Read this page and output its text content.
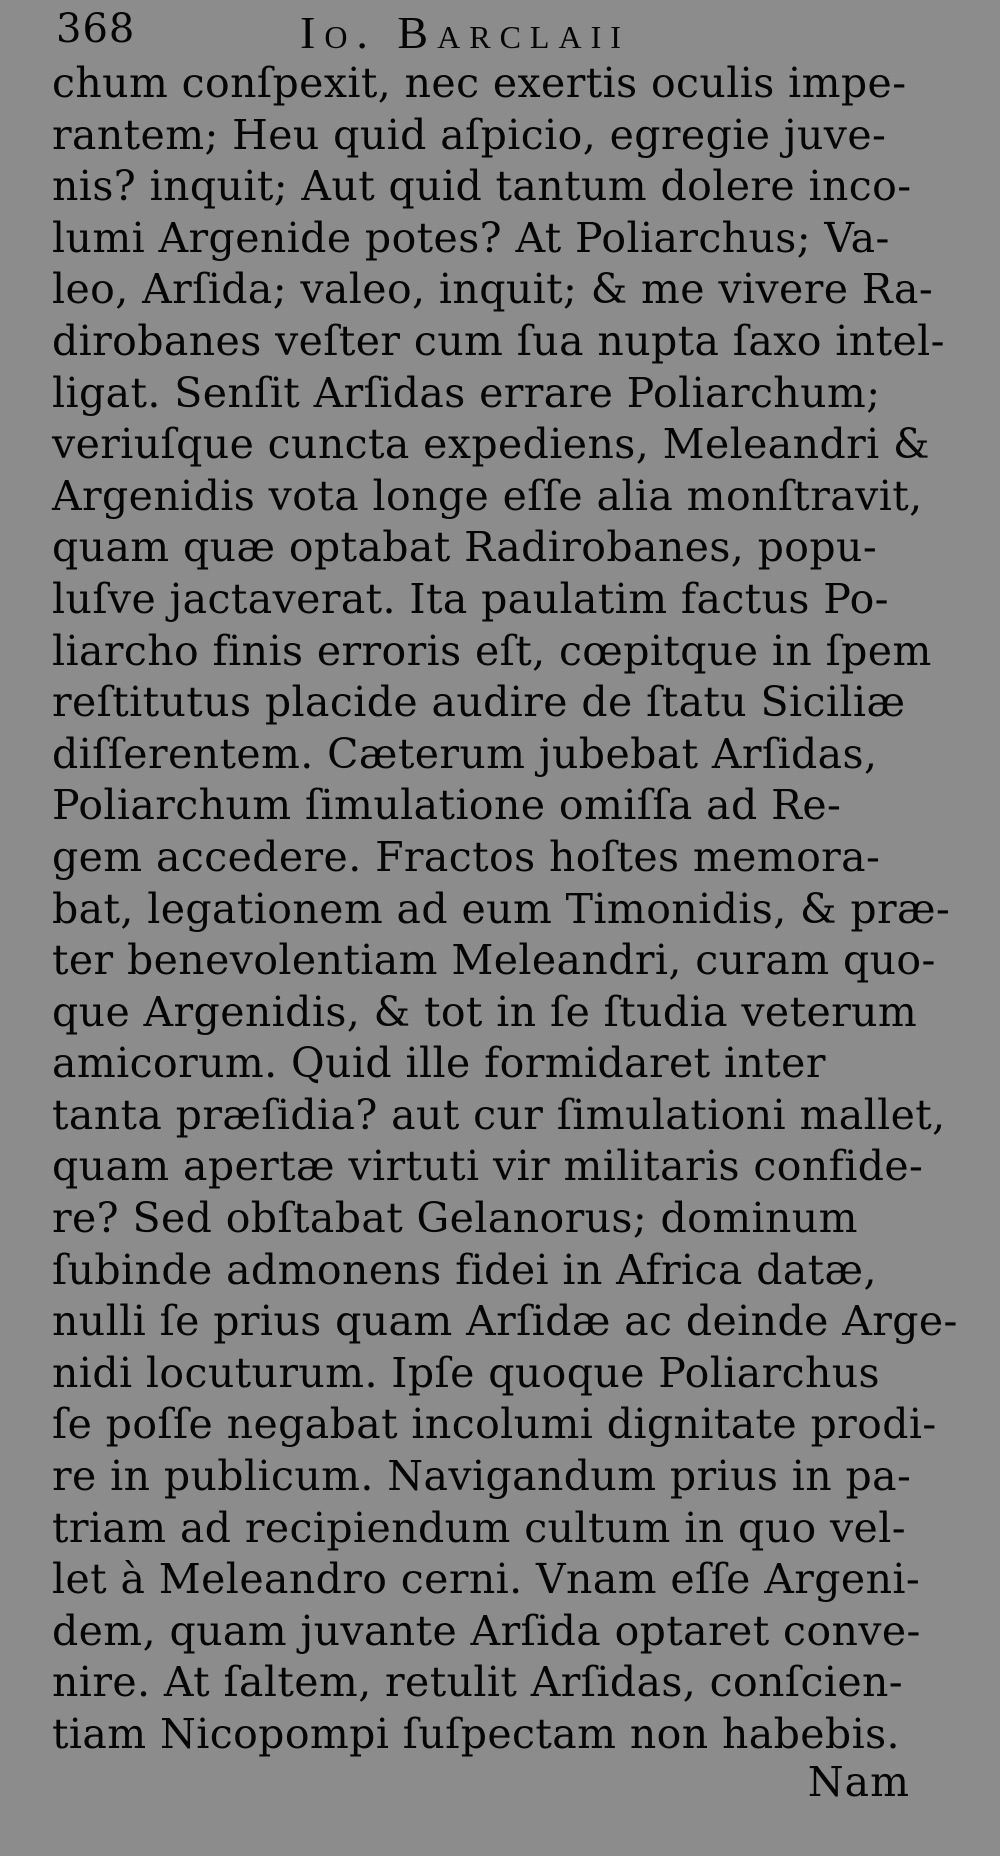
368	Io. Barclaii
chum conſpexit, nec exertis oculis impe-
rantem; Heu quid aſpicio, egregie juve-
nis? inquit; Aut quid tantum dolere inco-
lumi Argenide potes? At Poliarchus; Va-
leo, Arſida; valeo, inquit; & me vivere Ra-
dirobanes veſter cum ſua nupta ſaxo intel-
ligat. Senſit Arſidas errare Poliarchum;
veriuſque cuncta expediens, Meleandri &
Argenidis vota longe eſſe alia monſtravit,
quam quæ optabat Radirobanes, popu-
luſve jactaverat. Ita paulatim factus Po-
liarcho finis erroris eſt, cœpitque in ſpem
reſtitutus placide audire de ſtatu Siciliæ
diſſerentem. Cæterum jubebat Arſidas,
Poliarchum ſimulatione omiſſa ad Re-
gem accedere. Fractos hoſtes memora-
bat, legationem ad eum Timonidis, & præ-
ter benevolentiam Meleandri, curam quo-
que Argenidis, & tot in ſe ſtudia veterum
amicorum. Quid ille formidaret inter
tanta præſidia? aut cur ſimulationi mallet,
quam apertæ virtuti vir militaris confide-
re? Sed obſtabat Gelanorus; dominum
ſubinde admonens fidei in Africa datæ,
nulli ſe prius quam Arſidæ ac deinde Arge-
nidi locuturum. Ipſe quoque Poliarchus
ſe poſſe negabat incolumi dignitate prodi-
re in publicum. Navigandum prius in pa-
triam ad recipiendum cultum in quo vel-
let à Meleandro cerni. Vnam eſſe Argeni-
dem, quam juvante Arſida optaret conve-
nire. At ſaltem, retulit Arſidas, conſcien-
tiam Nicopompi ſuſpectam non habebis.
Nam
